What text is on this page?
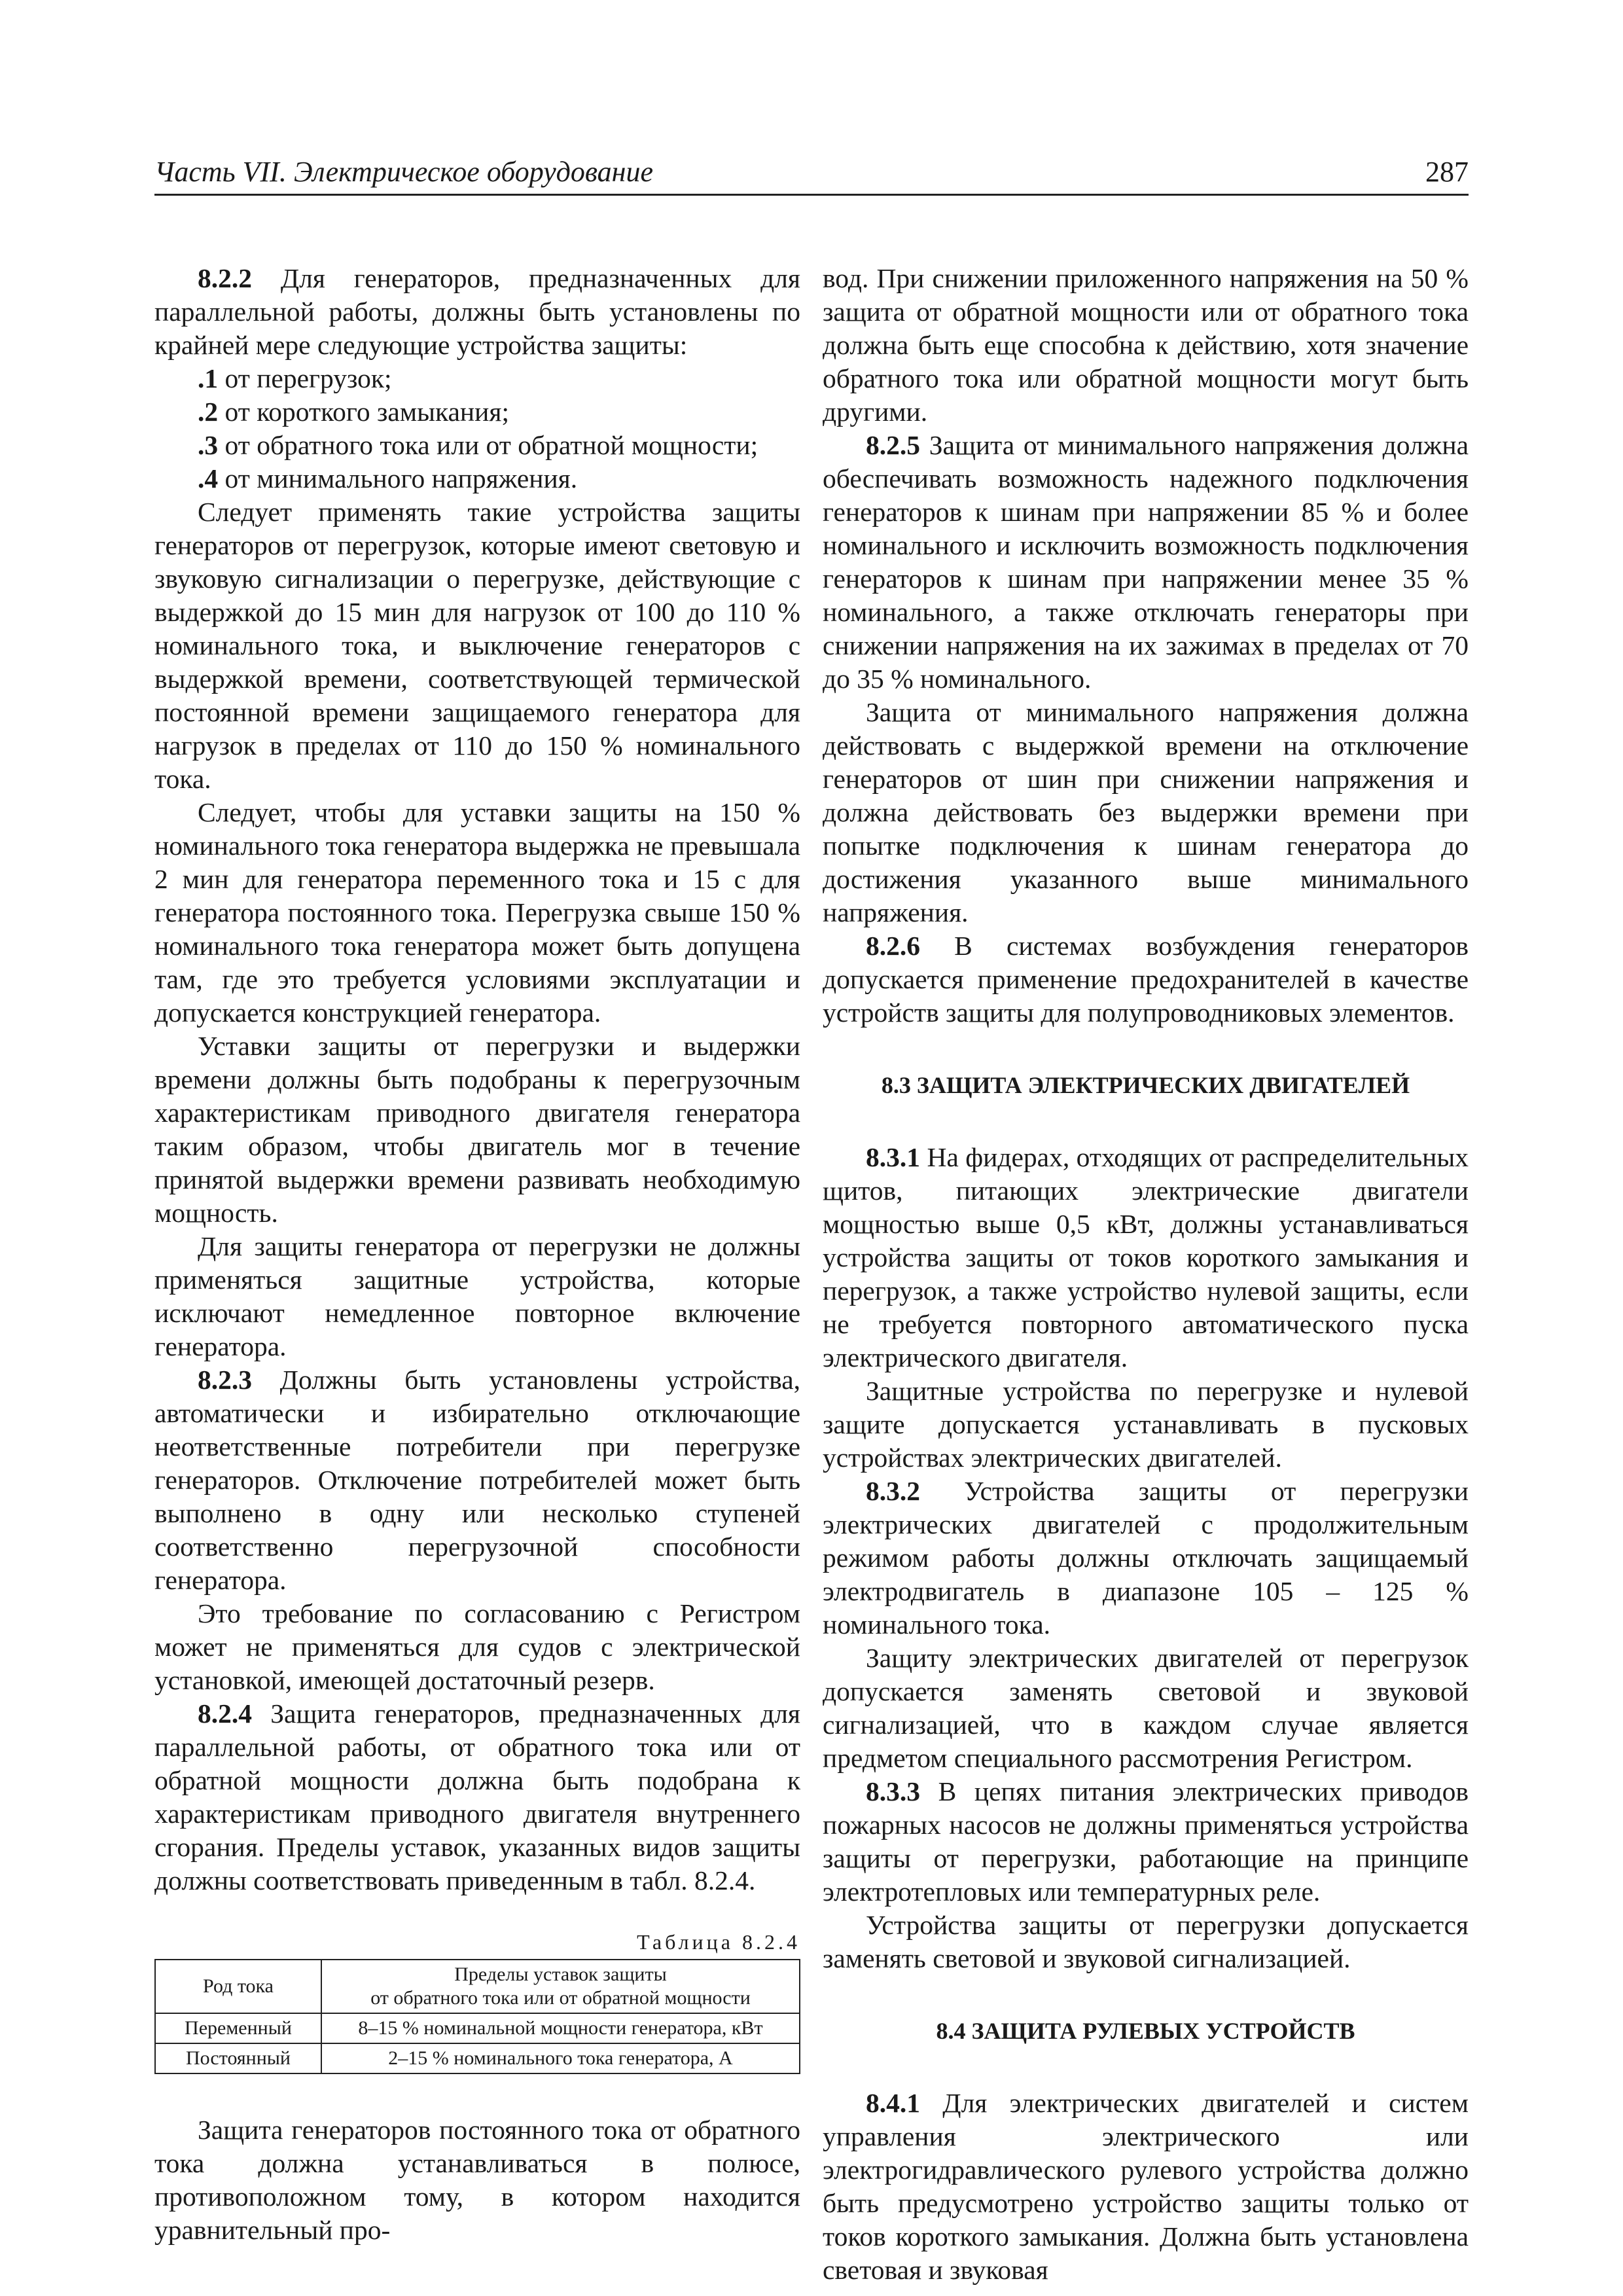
Часть VII. Электрическое оборудование	287

8.2.2 Для генераторов, предназначенных для параллельной работы, должны быть установлены по крайней мере следующие устройства защиты:

.1 от перегрузок;

.2 от короткого замыкания;

.3 от обратного тока или от обратной мощности;

.4 от минимального напряжения.

Следует применять такие устройства защиты генераторов от перегрузок, которые имеют световую и звуковую сигнализации о перегрузке, действующие с выдержкой до 15 мин для нагрузок от 100 до 110 % номинального тока, и выключение генераторов с выдержкой времени, соответствующей термической постоянной времени защищаемого генератора для нагрузок в пределах от 110 до 150 % номинального тока.

Следует, чтобы для уставки защиты на 150 % номинального тока генератора выдержка не превышала 2 мин для генератора переменного тока и 15 с для генератора постоянного тока. Перегрузка свыше 150 % номинального тока генератора может быть допущена там, где это требуется условиями эксплуатации и допускается конструкцией генератора.

Уставки защиты от перегрузки и выдержки времени должны быть подобраны к перегрузочным характеристикам приводного двигателя генератора таким образом, чтобы двигатель мог в течение принятой выдержки времени развивать необходимую мощность.

Для защиты генератора от перегрузки не должны применяться защитные устройства, которые исключают немедленное повторное включение генератора.

8.2.3 Должны быть установлены устройства, автоматически и избирательно отключающие неответственные потребители при перегрузке генераторов. Отключение потребителей может быть выполнено в одну или несколько ступеней соответственно перегрузочной способности генератора.

Это требование по согласованию с Регистром может не применяться для судов с электрической установкой, имеющей достаточный резерв.

8.2.4 Защита генераторов, предназначенных для параллельной работы, от обратного тока или от обратной мощности должна быть подобрана к характеристикам приводного двигателя внутреннего сгорания. Пределы уставок, указанных видов защиты должны соответствовать приведенным в табл. 8.2.4.

Таблица 8.2.4
Род тока	Пределы уставок защиты
от обратного тока или от обратной мощности

Переменный	8–15 % номинальной мощности генератора, кВт
Постоянный	2–15 % номинального тока генератора, А

Защита генераторов постоянного тока от обратного тока должна устанавливаться в полюсе, противоположном тому, в котором находится уравнительный про-

вод. При снижении приложенного напряжения на 50 % защита от обратной мощности или от обратного тока должна быть еще способна к действию, хотя значение обратного тока или обратной мощности могут быть другими.

8.2.5 Защита от минимального напряжения должна обеспечивать возможность надежного подключения генераторов к шинам при напряжении 85 % и более номинального и исключить возможность подключения генераторов к шинам при напряжении менее 35 % номинального, а также отключать генераторы при снижении напряжения на их зажимах в пределах от 70 до 35 % номинального.

Защита от минимального напряжения должна действовать с выдержкой времени на отключение генераторов от шин при снижении напряжения и должна действовать без выдержки времени при попытке подключения к шинам генератора до достижения указанного выше минимального напряжения.

8.2.6 В системах возбуждения генераторов допускается применение предохранителей в качестве устройств защиты для полупроводниковых элементов.

8.3 ЗАЩИТА ЭЛЕКТРИЧЕСКИХ ДВИГАТЕЛЕЙ

8.3.1 На фидерах, отходящих от распределительных щитов, питающих электрические двигатели мощностью выше 0,5 кВт, должны устанавливаться устройства защиты от токов короткого замыкания и перегрузок, а также устройство нулевой защиты, если не требуется повторного автоматического пуска электрического двигателя.

Защитные устройства по перегрузке и нулевой защите допускается устанавливать в пусковых устройствах электрических двигателей.

8.3.2 Устройства защиты от перегрузки электрических двигателей с продолжительным режимом работы должны отключать защищаемый электродвигатель в диапазоне 105 – 125 % номинального тока.

Защиту электрических двигателей от перегрузок допускается заменять световой и звуковой сигнализацией, что в каждом случае является предметом специального рассмотрения Регистром.

8.3.3 В цепях питания электрических приводов пожарных насосов не должны применяться устройства защиты от перегрузки, работающие на принципе электротепловых или температурных реле.

Устройства защиты от перегрузки допускается заменять световой и звуковой сигнализацией.

8.4 ЗАЩИТА РУЛЕВЫХ УСТРОЙСТВ

8.4.1 Для электрических двигателей и систем управления электрического или электрогидравлического рулевого устройства должно быть предусмотрено устройство защиты только от токов короткого замыкания. Должна быть установлена световая и звуковая
